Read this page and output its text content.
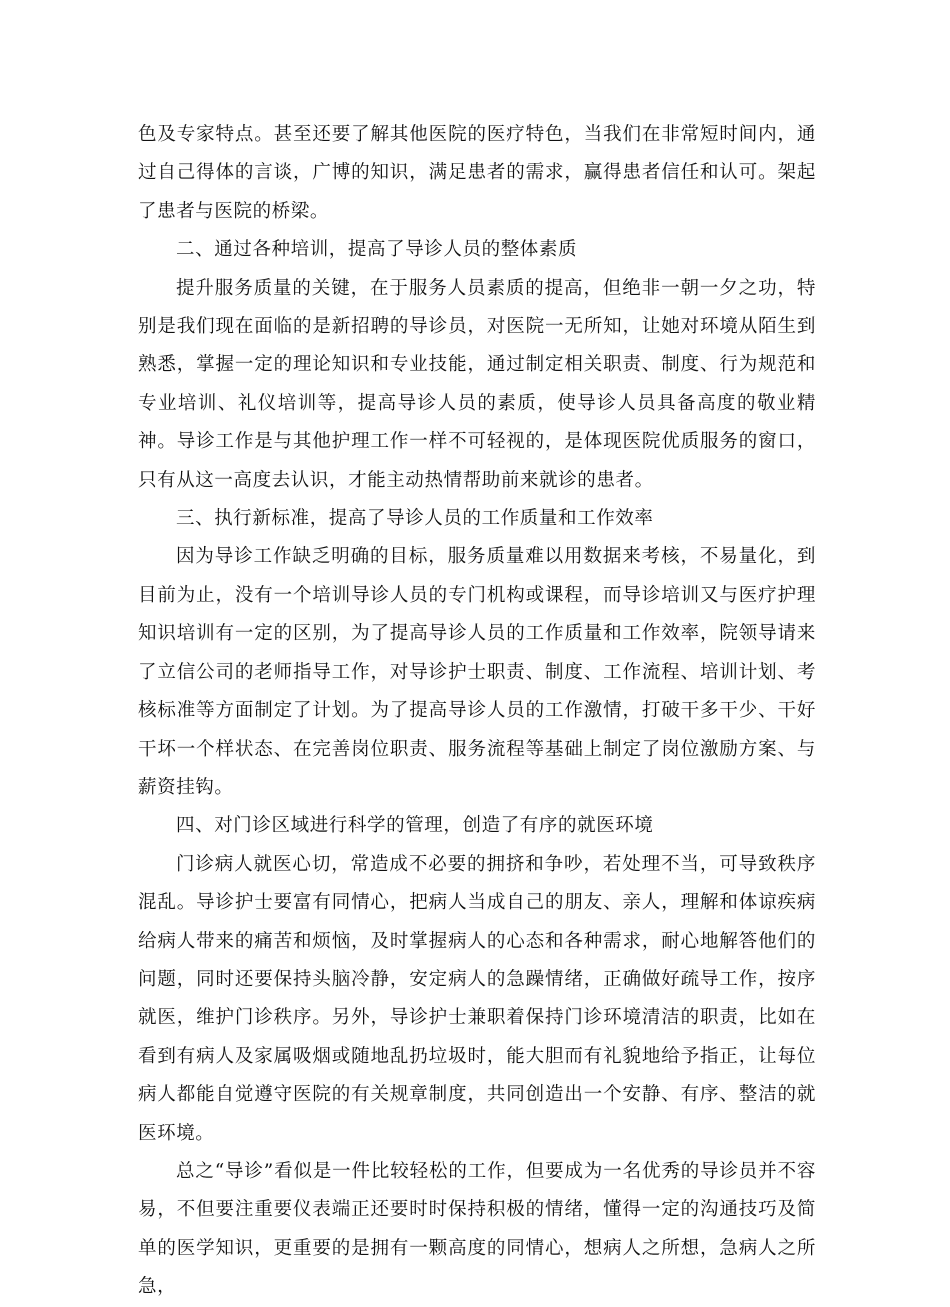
色及专家特点。甚至还要了解其他医院的医疗特色，当我们在非常短时间内，通过自己得体的言谈，广博的知识，满足患者的需求，赢得患者信任和认可。架起了患者与医院的桥梁。

二、通过各种培训，提高了导诊人员的整体素质

提升服务质量的关键，在于服务人员素质的提高，但绝非一朝一夕之功，特别是我们现在面临的是新招聘的导诊员，对医院一无所知，让她对环境从陌生到熟悉，掌握一定的理论知识和专业技能，通过制定相关职责、制度、行为规范和专业培训、礼仪培训等，提高导诊人员的素质，使导诊人员具备高度的敬业精神。导诊工作是与其他护理工作一样不可轻视的，是体现医院优质服务的窗口，只有从这一高度去认识，才能主动热情帮助前来就诊的患者。

三、执行新标准，提高了导诊人员的工作质量和工作效率

因为导诊工作缺乏明确的目标，服务质量难以用数据来考核，不易量化，到目前为止，没有一个培训导诊人员的专门机构或课程，而导诊培训又与医疗护理知识培训有一定的区别，为了提高导诊人员的工作质量和工作效率，院领导请来了立信公司的老师指导工作，对导诊护士职责、制度、工作流程、培训计划、考核标准等方面制定了计划。为了提高导诊人员的工作激情，打破干多干少、干好干坏一个样状态、在完善岗位职责、服务流程等基础上制定了岗位激励方案、与薪资挂钩。

四、对门诊区域进行科学的管理，创造了有序的就医环境

门诊病人就医心切，常造成不必要的拥挤和争吵，若处理不当，可导致秩序混乱。导诊护士要富有同情心，把病人当成自己的朋友、亲人，理解和体谅疾病给病人带来的痛苦和烦恼，及时掌握病人的心态和各种需求，耐心地解答他们的问题，同时还要保持头脑冷静，安定病人的急躁情绪，正确做好疏导工作，按序就医，维护门诊秩序。另外，导诊护士兼职着保持门诊环境清洁的职责，比如在看到有病人及家属吸烟或随地乱扔垃圾时，能大胆而有礼貌地给予指正，让每位病人都能自觉遵守医院的有关规章制度，共同创造出一个安静、有序、整洁的就医环境。

总之“导诊”看似是一件比较轻松的工作，但要成为一名优秀的导诊员并不容易，不但要注重要仪表端正还要时时保持积极的情绪，懂得一定的沟通技巧及简单的医学知识，更重要的是拥有一颗高度的同情心，想病人之所想，急病人之所急，
